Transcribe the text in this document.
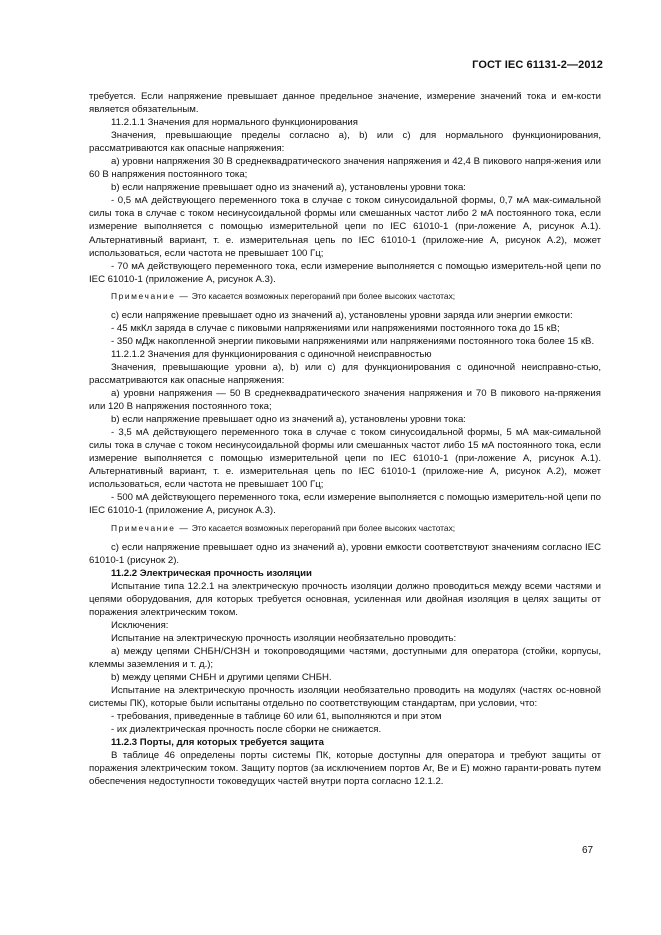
ГОСТ IEC 61131-2—2012

требуется. Если напряжение превышает данное предельное значение, измерение значений тока и ем-кости является обязательным.

11.2.1.1 Значения для нормального функционирования

Значения, превышающие пределы согласно a), b) или c) для нормального функционирования, рассматриваются как опасные напряжения:

a) уровни напряжения 30 В среднеквадратического значения напряжения и 42,4 В пикового напря-жения или 60 В напряжения постоянного тока;

b) если напряжение превышает одно из значений a), установлены уровни тока:

- 0,5 мА действующего переменного тока в случае с током синусоидальной формы, 0,7 мА мак-симальной силы тока в случае с током несинусоидальной формы или смешанных частот либо 2 мА постоянного тока, если измерение выполняется с помощью измерительной цепи по IEC 61010-1 (при-ложение A, рисунок A.1). Альтернативный вариант, т. е. измерительная цепь по IEC 61010-1 (приложе-ние A, рисунок A.2), может использоваться, если частота не превышает 100 Гц;

- 70 мА действующего переменного тока, если измерение выполняется с помощью измеритель-ной цепи по IEC 61010-1 (приложение A, рисунок A.3).

Примечание — Это касается возможных перегораний при более высоких частотах;

c) если напряжение превышает одно из значений a), установлены уровни заряда или энергии емкости:

- 45 мкКл заряда в случае с пиковыми напряжениями или напряжениями постоянного тока до 15 кВ;

- 350 мДж накопленной энергии пиковыми напряжениями или напряжениями постоянного тока более 15 кВ.

11.2.1.2 Значения для функционирования с одиночной неисправностью

Значения, превышающие уровни a), b) или c) для функционирования с одиночной неисправно-стью, рассматриваются как опасные напряжения:

a) уровни напряжения — 50 В среднеквадратического значения напряжения и 70 В пикового на-пряжения или 120 В напряжения постоянного тока;

b) если напряжение превышает одно из значений a), установлены уровни тока:

- 3,5 мА действующего переменного тока в случае с током синусоидальной формы, 5 мА мак-симальной силы тока в случае с током несинусоидальной формы или смешанных частот либо 15 мА постоянного тока, если измерение выполняется с помощью измерительной цепи по IEC 61010-1 (при-ложение A, рисунок A.1). Альтернативный вариант, т. е. измерительная цепь по IEC 61010-1 (приложе-ние A, рисунок A.2), может использоваться, если частота не превышает 100 Гц;

- 500 мА действующего переменного тока, если измерение выполняется с помощью измеритель-ной цепи по IEC 61010-1 (приложение A, рисунок A.3).

Примечание — Это касается возможных перегораний при более высоких частотах;

c) если напряжение превышает одно из значений a), уровни емкости соответствуют значениям согласно IEC 61010-1 (рисунок 2).

11.2.2 Электрическая прочность изоляции

Испытание типа 12.2.1 на электрическую прочность изоляции должно проводиться между всеми частями и цепями оборудования, для которых требуется основная, усиленная или двойная изоляция в целях защиты от поражения электрическим током.

Исключения:

Испытание на электрическую прочность изоляции необязательно проводить:

a) между цепями СНБН/СНЗН и токопроводящими частями, доступными для оператора (стойки, корпусы, клеммы заземления и т. д.);

b) между цепями СНБН и другими цепями СНБН.

Испытание на электрическую прочность изоляции необязательно проводить на модулях (частях ос-новной системы ПК), которые были испытаны отдельно по соответствующим стандартам, при условии, что:

- требования, приведенные в таблице 60 или 61, выполняются и при этом

- их диэлектрическая прочность после сборки не снижается.

11.2.3 Порты, для которых требуется защита

В таблице 46 определены порты системы ПК, которые доступны для оператора и требуют защиты от поражения электрическим током. Защиту портов (за исключением портов Ar, Be и E) можно гаранти-ровать путем обеспечения недоступности токоведущих частей внутри порта согласно 12.1.2.

67
